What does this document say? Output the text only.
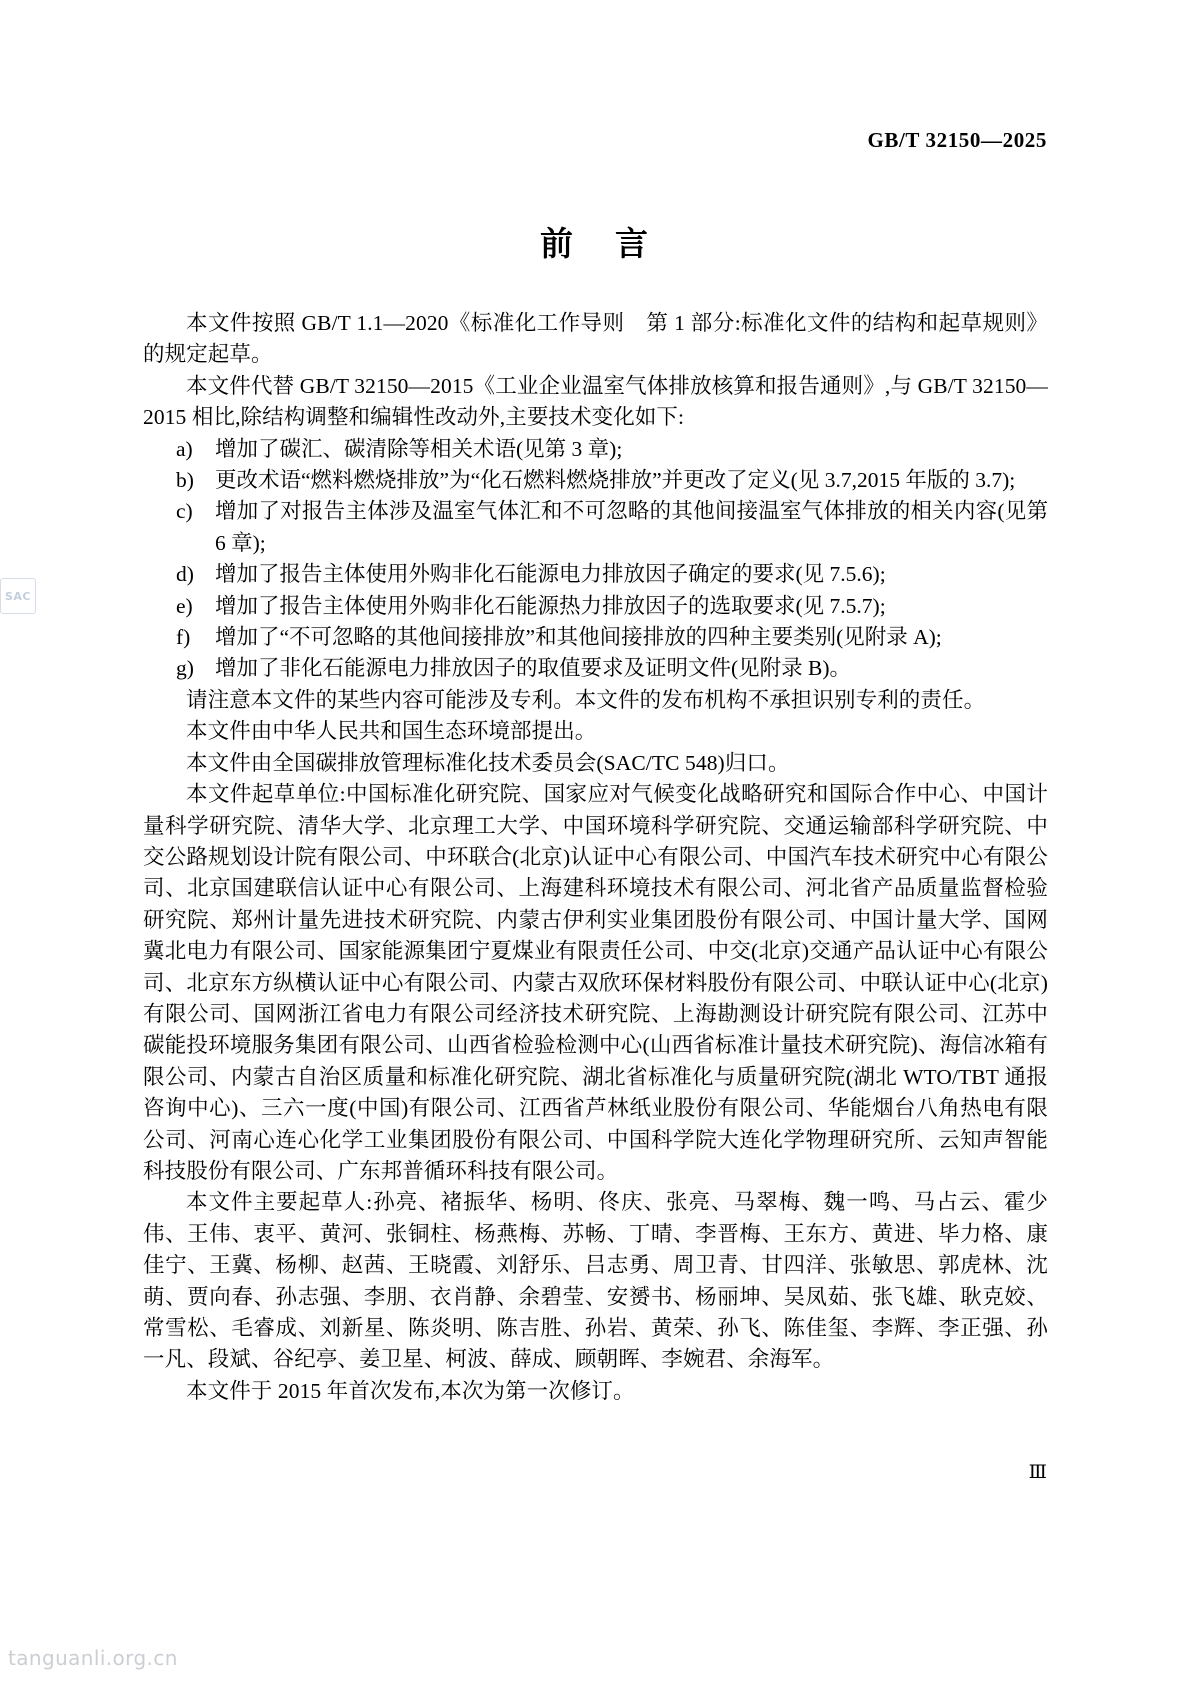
GB/T 32150—2025
前 言

本文件按照 GB/T 1.1—2020《标准化工作导则　第 1 部分:标准化文件的结构和起草规则》的规定起草。

本文件代替 GB/T 32150—2015《工业企业温室气体排放核算和报告通则》,与 GB/T 32150—2015 相比,除结构调整和编辑性改动外,主要技术变化如下:

a)	增加了碳汇、碳清除等相关术语(见第 3 章);
b) 更改术语“燃料燃烧排放”为“化石燃料燃烧排放”并更改了定义(见 3.7,2015 年版的 3.7);
c)	增加了对报告主体涉及温室气体汇和不可忽略的其他间接温室气体排放的相关内容(见第 6 章);
d) 增加了报告主体使用外购非化石能源电力排放因子确定的要求(见 7.5.6);
e)	增加了报告主体使用外购非化石能源热力排放因子的选取要求(见 7.5.7);
f)	增加了“不可忽略的其他间接排放”和其他间接排放的四种主要类别(见附录 A);
g) 增加了非化石能源电力排放因子的取值要求及证明文件(见附录 B)。

请注意本文件的某些内容可能涉及专利。本文件的发布机构不承担识别专利的责任。

本文件由中华人民共和国生态环境部提出。

本文件由全国碳排放管理标准化技术委员会(SAC/TC 548)归口。

本文件起草单位:中国标准化研究院、国家应对气候变化战略研究和国际合作中心、中国计量科学研究院、清华大学、北京理工大学、中国环境科学研究院、交通运输部科学研究院、中交公路规划设计院有限公司、中环联合(北京)认证中心有限公司、中国汽车技术研究中心有限公司、北京国建联信认证中心有限公司、上海建科环境技术有限公司、河北省产品质量监督检验研究院、郑州计量先进技术研究院、内蒙古伊利实业集团股份有限公司、中国计量大学、国网冀北电力有限公司、国家能源集团宁夏煤业有限责任公司、中交(北京)交通产品认证中心有限公司、北京东方纵横认证中心有限公司、内蒙古双欣环保材料股份有限公司、中联认证中心(北京)有限公司、国网浙江省电力有限公司经济技术研究院、上海勘测设计研究院有限公司、江苏中碳能投环境服务集团有限公司、山西省检验检测中心(山西省标准计量技术研究院)、海信冰箱有限公司、内蒙古自治区质量和标准化研究院、湖北省标准化与质量研究院(湖北 WTO/TBT 通报咨询中心)、三六一度(中国)有限公司、江西省芦林纸业股份有限公司、华能烟台八角热电有限公司、河南心连心化学工业集团股份有限公司、中国科学院大连化学物理研究所、云知声智能科技股份有限公司、广东邦普循环科技有限公司。

本文件主要起草人:孙亮、褚振华、杨明、佟庆、张亮、马翠梅、魏一鸣、马占云、霍少伟、王伟、衷平、黄河、张铜柱、杨燕梅、苏畅、丁晴、李晋梅、王东方、黄进、毕力格、康佳宁、王冀、杨柳、赵茜、王晓霞、刘舒乐、吕志勇、周卫青、甘四洋、张敏思、郭虎林、沈萌、贾向春、孙志强、李朋、衣肖静、余碧莹、安赟书、杨丽坤、吴凤茹、张飞雄、耿克姣、常雪松、毛睿成、刘新星、陈炎明、陈吉胜、孙岩、黄荣、孙飞、陈佳玺、李辉、李正强、孙一凡、段斌、谷纪亭、姜卫星、柯波、薛成、顾朝晖、李婉君、余海军。

本文件于 2015 年首次发布,本次为第一次修订。

Ⅲ
SAC
tanguanli.org.cn
